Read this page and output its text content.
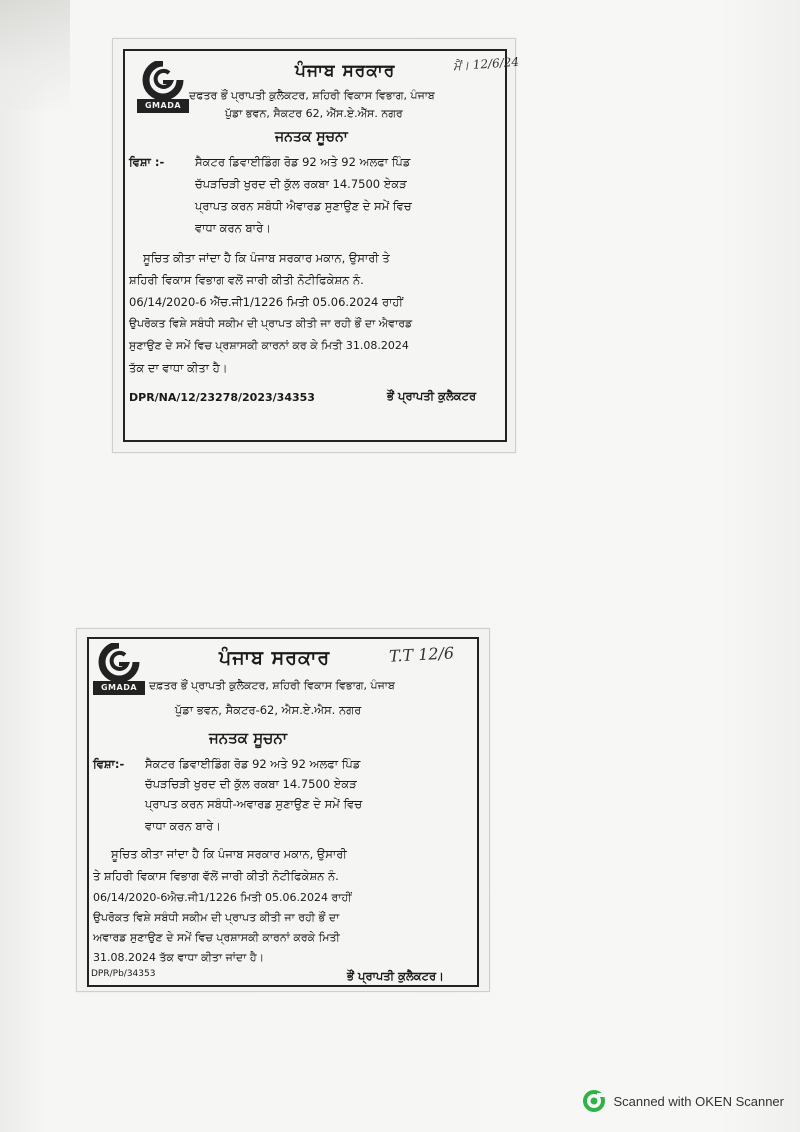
GMADA
ਪੰਜਾਬ ਸਰਕਾਰ	ਮੈਂ। 12/6/24
ਦਫਤਰ ਭੌਂ ਪ੍ਰਾਪਤੀ ਕੁਲੈਕਟਰ, ਸ਼ਹਿਰੀ ਵਿਕਾਸ ਵਿਭਾਗ, ਪੰਜਾਬ
ਪੁੱਡਾ ਭਵਨ, ਸੈਕਟਰ 62, ਐੱਸ.ਏ.ਐੱਸ. ਨਗਰ
ਜਨਤਕ ਸੂਚਨਾ
ਵਿਸ਼ਾ :-	ਸੈਕਟਰ ਡਿਵਾਈਡਿੰਗ ਰੋਡ 92 ਅਤੇ 92 ਅਲਫਾ ਪਿੰਡ
ਚੱਪੜਚਿੜੀ ਖੁਰਦ ਦੀ ਕੁੱਲ ਰਕਬਾ 14.7500 ਏਕੜ
ਪ੍ਰਾਪਤ ਕਰਨ ਸਬੰਧੀ ਐਵਾਰਡ ਸੁਣਾਉਣ ਦੇ ਸਮੇਂ ਵਿਚ
ਵਾਧਾ ਕਰਨ ਬਾਰੇ।
ਸੂਚਿਤ ਕੀਤਾ ਜਾਂਦਾ ਹੈ ਕਿ ਪੰਜਾਬ ਸਰਕਾਰ ਮਕਾਨ, ਉਸਾਰੀ ਤੇ
ਸ਼ਹਿਰੀ ਵਿਕਾਸ ਵਿਭਾਗ ਵਲੋਂ ਜਾਰੀ ਕੀਤੀ ਨੋਟੀਫਿਕੇਸ਼ਨ ਨੰ.
06/14/2020-6 ਐੱਚ.ਜੀ1/1226 ਮਿਤੀ 05.06.2024 ਰਾਹੀਂ
ਉਪਰੋਕਤ ਵਿਸ਼ੇ ਸਬੰਧੀ ਸਕੀਮ ਦੀ ਪ੍ਰਾਪਤ ਕੀਤੀ ਜਾ ਰਹੀ ਭੌਂ ਦਾ ਐਵਾਰਡ
ਸੁਣਾਉਣ ਦੇ ਸਮੇਂ ਵਿਚ ਪ੍ਰਸ਼ਾਸਕੀ ਕਾਰਨਾਂ ਕਰ ਕੇ ਮਿਤੀ 31.08.2024
ਤੱਕ ਦਾ ਵਾਧਾ ਕੀਤਾ ਹੈ।
DPR/NA/12/23278/2023/34353	ਭੌਂ ਪ੍ਰਾਪਤੀ ਕੁਲੈਕਟਰ
GMADA
ਪੰਜਾਬ ਸਰਕਾਰ	T.T 12/6
ਦਫ਼ਤਰ ਭੌਂ ਪ੍ਰਾਪਤੀ ਕੁਲੈਕਟਰ, ਸ਼ਹਿਰੀ ਵਿਕਾਸ ਵਿਭਾਗ, ਪੰਜਾਬ
ਪੁੱਡਾ ਭਵਨ, ਸੈਕਟਰ-62, ਐਸ.ਏ.ਐਸ. ਨਗਰ
ਜਨਤਕ ਸੂਚਨਾ
ਵਿਸ਼ਾ:- ਸੈਕਟਰ ਡਿਵਾਈਡਿੰਗ ਰੋਡ 92 ਅਤੇ 92 ਅਲਫਾ ਪਿੰਡ
ਚੱਪੜਚਿੜੀ ਖੁਰਦ ਦੀ ਕੁੱਲ ਰਕਬਾ 14.7500 ਏਕੜ
ਪ੍ਰਾਪਤ ਕਰਨ ਸਬੰਧੀ-ਅਵਾਰਡ ਸੁਣਾਉਣ ਦੇ ਸਮੇਂ ਵਿਚ
ਵਾਧਾ ਕਰਨ ਬਾਰੇ।
ਸੂਚਿਤ ਕੀਤਾ ਜਾਂਦਾ ਹੈ ਕਿ ਪੰਜਾਬ ਸਰਕਾਰ ਮਕਾਨ, ਉਸਾਰੀ
ਤੇ ਸ਼ਹਿਰੀ ਵਿਕਾਸ ਵਿਭਾਗ ਵੱਲੋਂ ਜਾਰੀ ਕੀਤੀ ਨੋਟੀਫਿਕੇਸ਼ਨ ਨੰ.
06/14/2020-6ਐਚ.ਜੀ1/1226 ਮਿਤੀ 05.06.2024 ਰਾਹੀਂ
ਉਪਰੋਕਤ ਵਿਸ਼ੇ ਸਬੰਧੀ ਸਕੀਮ ਦੀ ਪ੍ਰਾਪਤ ਕੀਤੀ ਜਾ ਰਹੀ ਭੌਂ ਦਾ
ਅਵਾਰਡ ਸੁਣਾਉਣ ਦੇ ਸਮੇਂ ਵਿਚ ਪ੍ਰਸ਼ਾਸਕੀ ਕਾਰਨਾਂ ਕਰਕੇ ਮਿਤੀ
31.08.2024 ਤੱਕ ਵਾਧਾ ਕੀਤਾ ਜਾਂਦਾ ਹੈ।
DPR/Pb/34353	ਭੌਂ ਪ੍ਰਾਪਤੀ ਕੁਲੈਕਟਰ।
Scanned with OKEN Scanner
